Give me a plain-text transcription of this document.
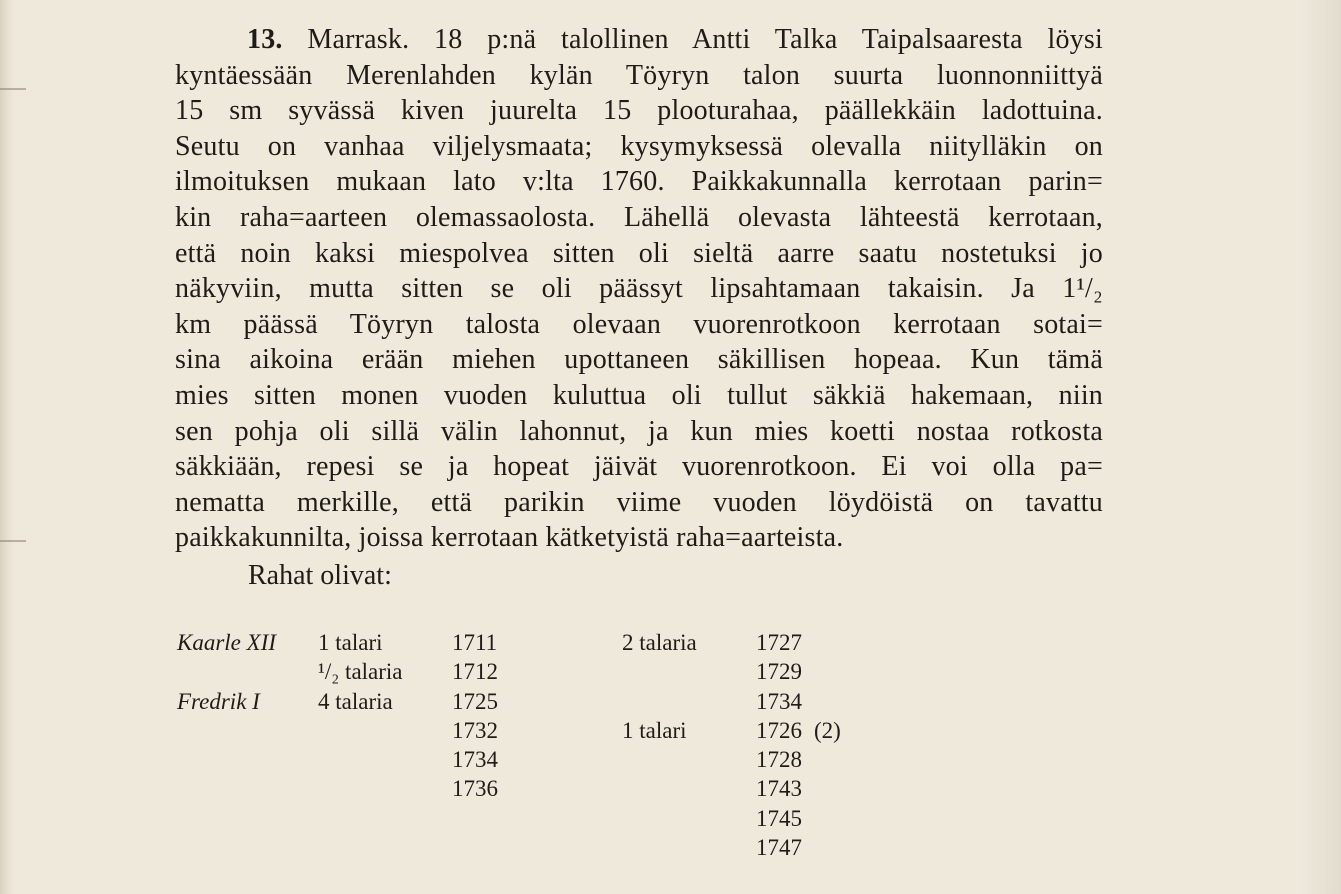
13. Marrask. 18 p:nä talollinen Antti Talka Taipalsaaresta löysi
kyntäessään Merenlahden kylän Töyryn talon suurta luonnonniittyä
15 sm syvässä kiven juurelta 15 plooturahaa, päällekkäin ladottuina.
Seutu on vanhaa viljelysmaata; kysymyksessä olevalla niitylläkin on
ilmoituksen mukaan lato v:lta 1760. Paikkakunnalla kerrotaan parin=
kin raha=aarteen olemassaolosta. Lähellä olevasta lähteestä kerrotaan,
että noin kaksi miespolvea sitten oli sieltä aarre saatu nostetuksi jo
näkyviin, mutta sitten se oli päässyt lipsahtamaan takaisin. Ja 1¹/₂
km päässä Töyryn talosta olevaan vuorenrotkoon kerrotaan sotai=
sina aikoina erään miehen upottaneen säkillisen hopeaa. Kun tämä
mies sitten monen vuoden kuluttua oli tullut säkkiä hakemaan, niin
sen pohja oli sillä välin lahonnut, ja kun mies koetti nostaa rotkosta
säkkiään, repesi se ja hopeat jäivät vuorenrotkoon. Ei voi olla pa=
nematta merkille, että parikin viime vuoden löydöistä on tavattu
paikkakunnilta, joissa kerrotaan kätketyistä raha=aarteista.
Rahat olivat:
Kaarle XII
Fredrik I
1 talari
¹/₂ talaria
4 talaria
1711
1712
1725
1732
1734
1736
2 talaria
1 talari
1727
1729
1734
1726 (2)
1728
1743
1745
1747
